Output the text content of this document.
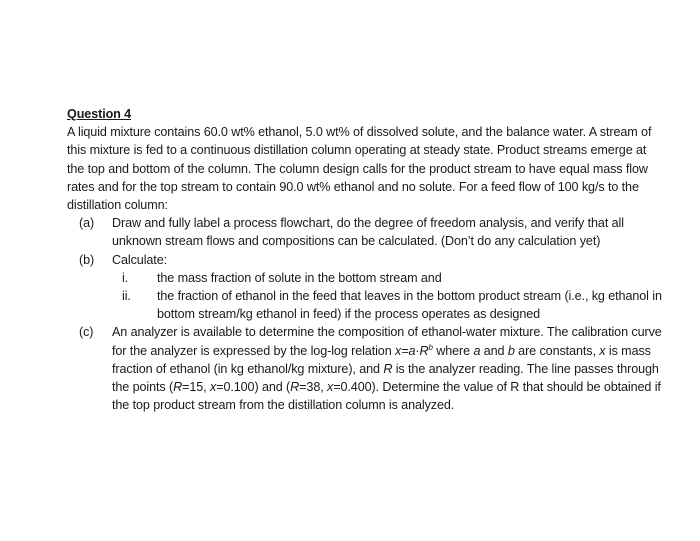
Question 4

A liquid mixture contains 60.0 wt% ethanol, 5.0 wt% of dissolved solute, and the balance water. A stream of this mixture is fed to a continuous distillation column operating at steady state. Product streams emerge at the top and bottom of the column. The column design calls for the product stream to have equal mass flow rates and for the top stream to contain 90.0 wt% ethanol and no solute. For a feed flow of 100 kg/s to the distillation column:

(a)	Draw and fully label a process flowchart, do the degree of freedom analysis, and verify that all unknown stream flows and compositions can be calculated. (Don’t do any calculation yet)
(b)	Calculate:
i. the mass fraction of solute in the bottom stream and
ii. the fraction of ethanol in the feed that leaves in the bottom product stream (i.e., kg ethanol in bottom stream/kg ethanol in feed) if the process operates as designed
(c)	An analyzer is available to determine the composition of ethanol-water mixture. The calibration curve for the analyzer is expressed by the log-log relation $x=a\cdot R^b$ where a and b are constants, x is mass fraction of ethanol (in kg ethanol/kg mixture), and R is the analyzer reading. The line passes through the points (R=15, x=0.100) and (R=38, x=0.400). Determine the value of R that should be obtained if the top product stream from the distillation column is analyzed.
